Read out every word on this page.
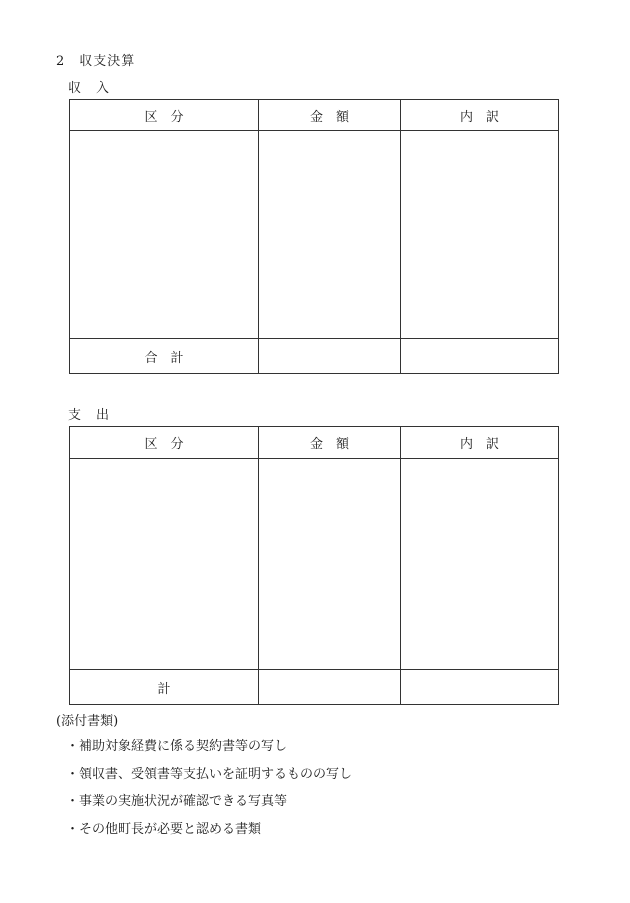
2　収支決算
収　入
区　分	金　額	内　訳

合　計		
支　出
区　分	金　額	内　訳

計		
(添付書類)
・補助対象経費に係る契約書等の写し
・領収書、受領書等支払いを証明するものの写し
・事業の実施状況が確認できる写真等
・その他町長が必要と認める書類
